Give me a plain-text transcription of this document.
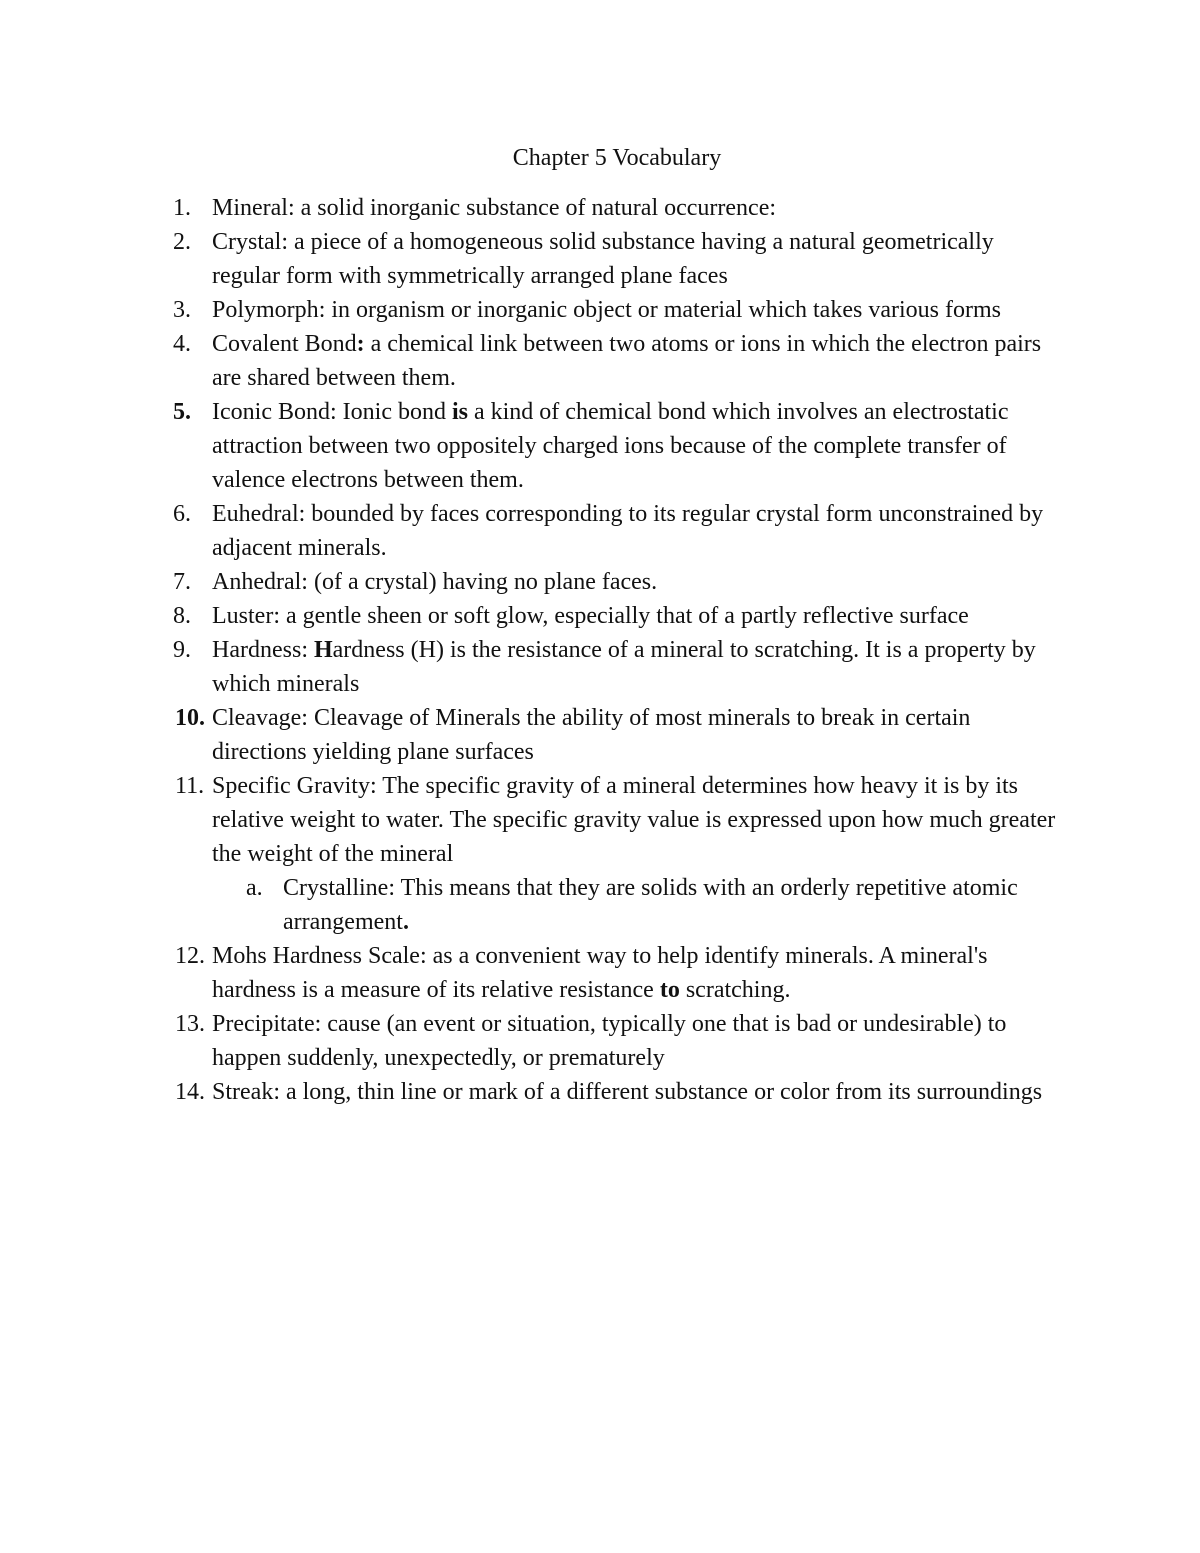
Chapter 5 Vocabulary
1. Mineral: a solid inorganic substance of natural occurrence:
2. Crystal: a piece of a homogeneous solid substance having a natural geometrically regular form with symmetrically arranged plane faces
3. Polymorph: in organism or inorganic object or material which takes various forms
4. Covalent Bond: a chemical link between two atoms or ions in which the electron pairs are shared between them.
5. Iconic Bond: Ionic bond is a kind of chemical bond which involves an electrostatic attraction between two oppositely charged ions because of the complete transfer of valence electrons between them.
6. Euhedral: bounded by faces corresponding to its regular crystal form unconstrained by adjacent minerals.
7. Anhedral: (of a crystal) having no plane faces.
8. Luster: a gentle sheen or soft glow, especially that of a partly reflective surface
9. Hardness: Hardness (H) is the resistance of a mineral to scratching. It is a property by which minerals
10. Cleavage: Cleavage of Minerals the ability of most minerals to break in certain directions yielding plane surfaces
11. Specific Gravity: The specific gravity of a mineral determines how heavy it is by its relative weight to water. The specific gravity value is expressed upon how much greater the weight of the mineral
a. Crystalline: This means that they are solids with an orderly repetitive atomic arrangement.
12. Mohs Hardness Scale: as a convenient way to help identify minerals. A mineral's hardness is a measure of its relative resistance to scratching.
13. Precipitate: cause (an event or situation, typically one that is bad or undesirable) to happen suddenly, unexpectedly, or prematurely
14. Streak: a long, thin line or mark of a different substance or color from its surroundings
